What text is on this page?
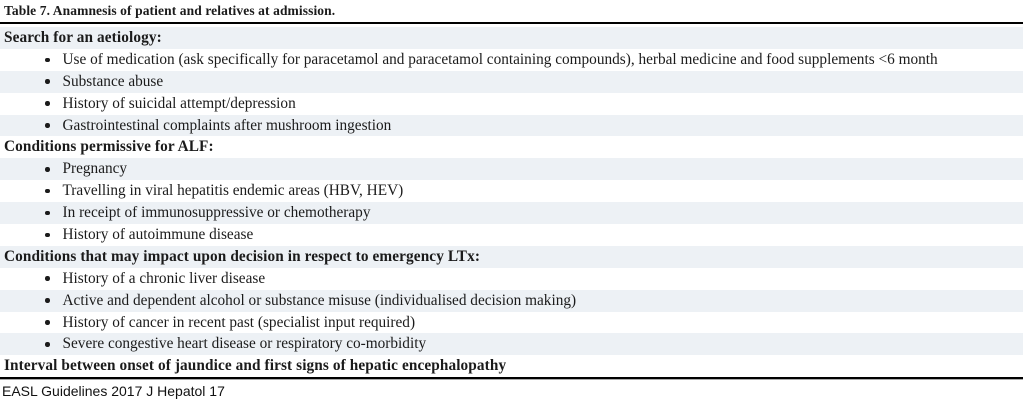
Table 7. Anamnesis of patient and relatives at admission.
Search for an aetiology:
Use of medication (ask specifically for paracetamol and paracetamol containing compounds), herbal medicine and food supplements <6 month
Substance abuse
History of suicidal attempt/depression
Gastrointestinal complaints after mushroom ingestion
Conditions permissive for ALF:
Pregnancy
Travelling in viral hepatitis endemic areas (HBV, HEV)
In receipt of immunosuppressive or chemotherapy
History of autoimmune disease
Conditions that may impact upon decision in respect to emergency LTx:
History of a chronic liver disease
Active and dependent alcohol or substance misuse (individualised decision making)
History of cancer in recent past (specialist input required)
Severe congestive heart disease or respiratory co-morbidity
Interval between onset of jaundice and first signs of hepatic encephalopathy
EASL Guidelines 2017 J Hepatol 17
